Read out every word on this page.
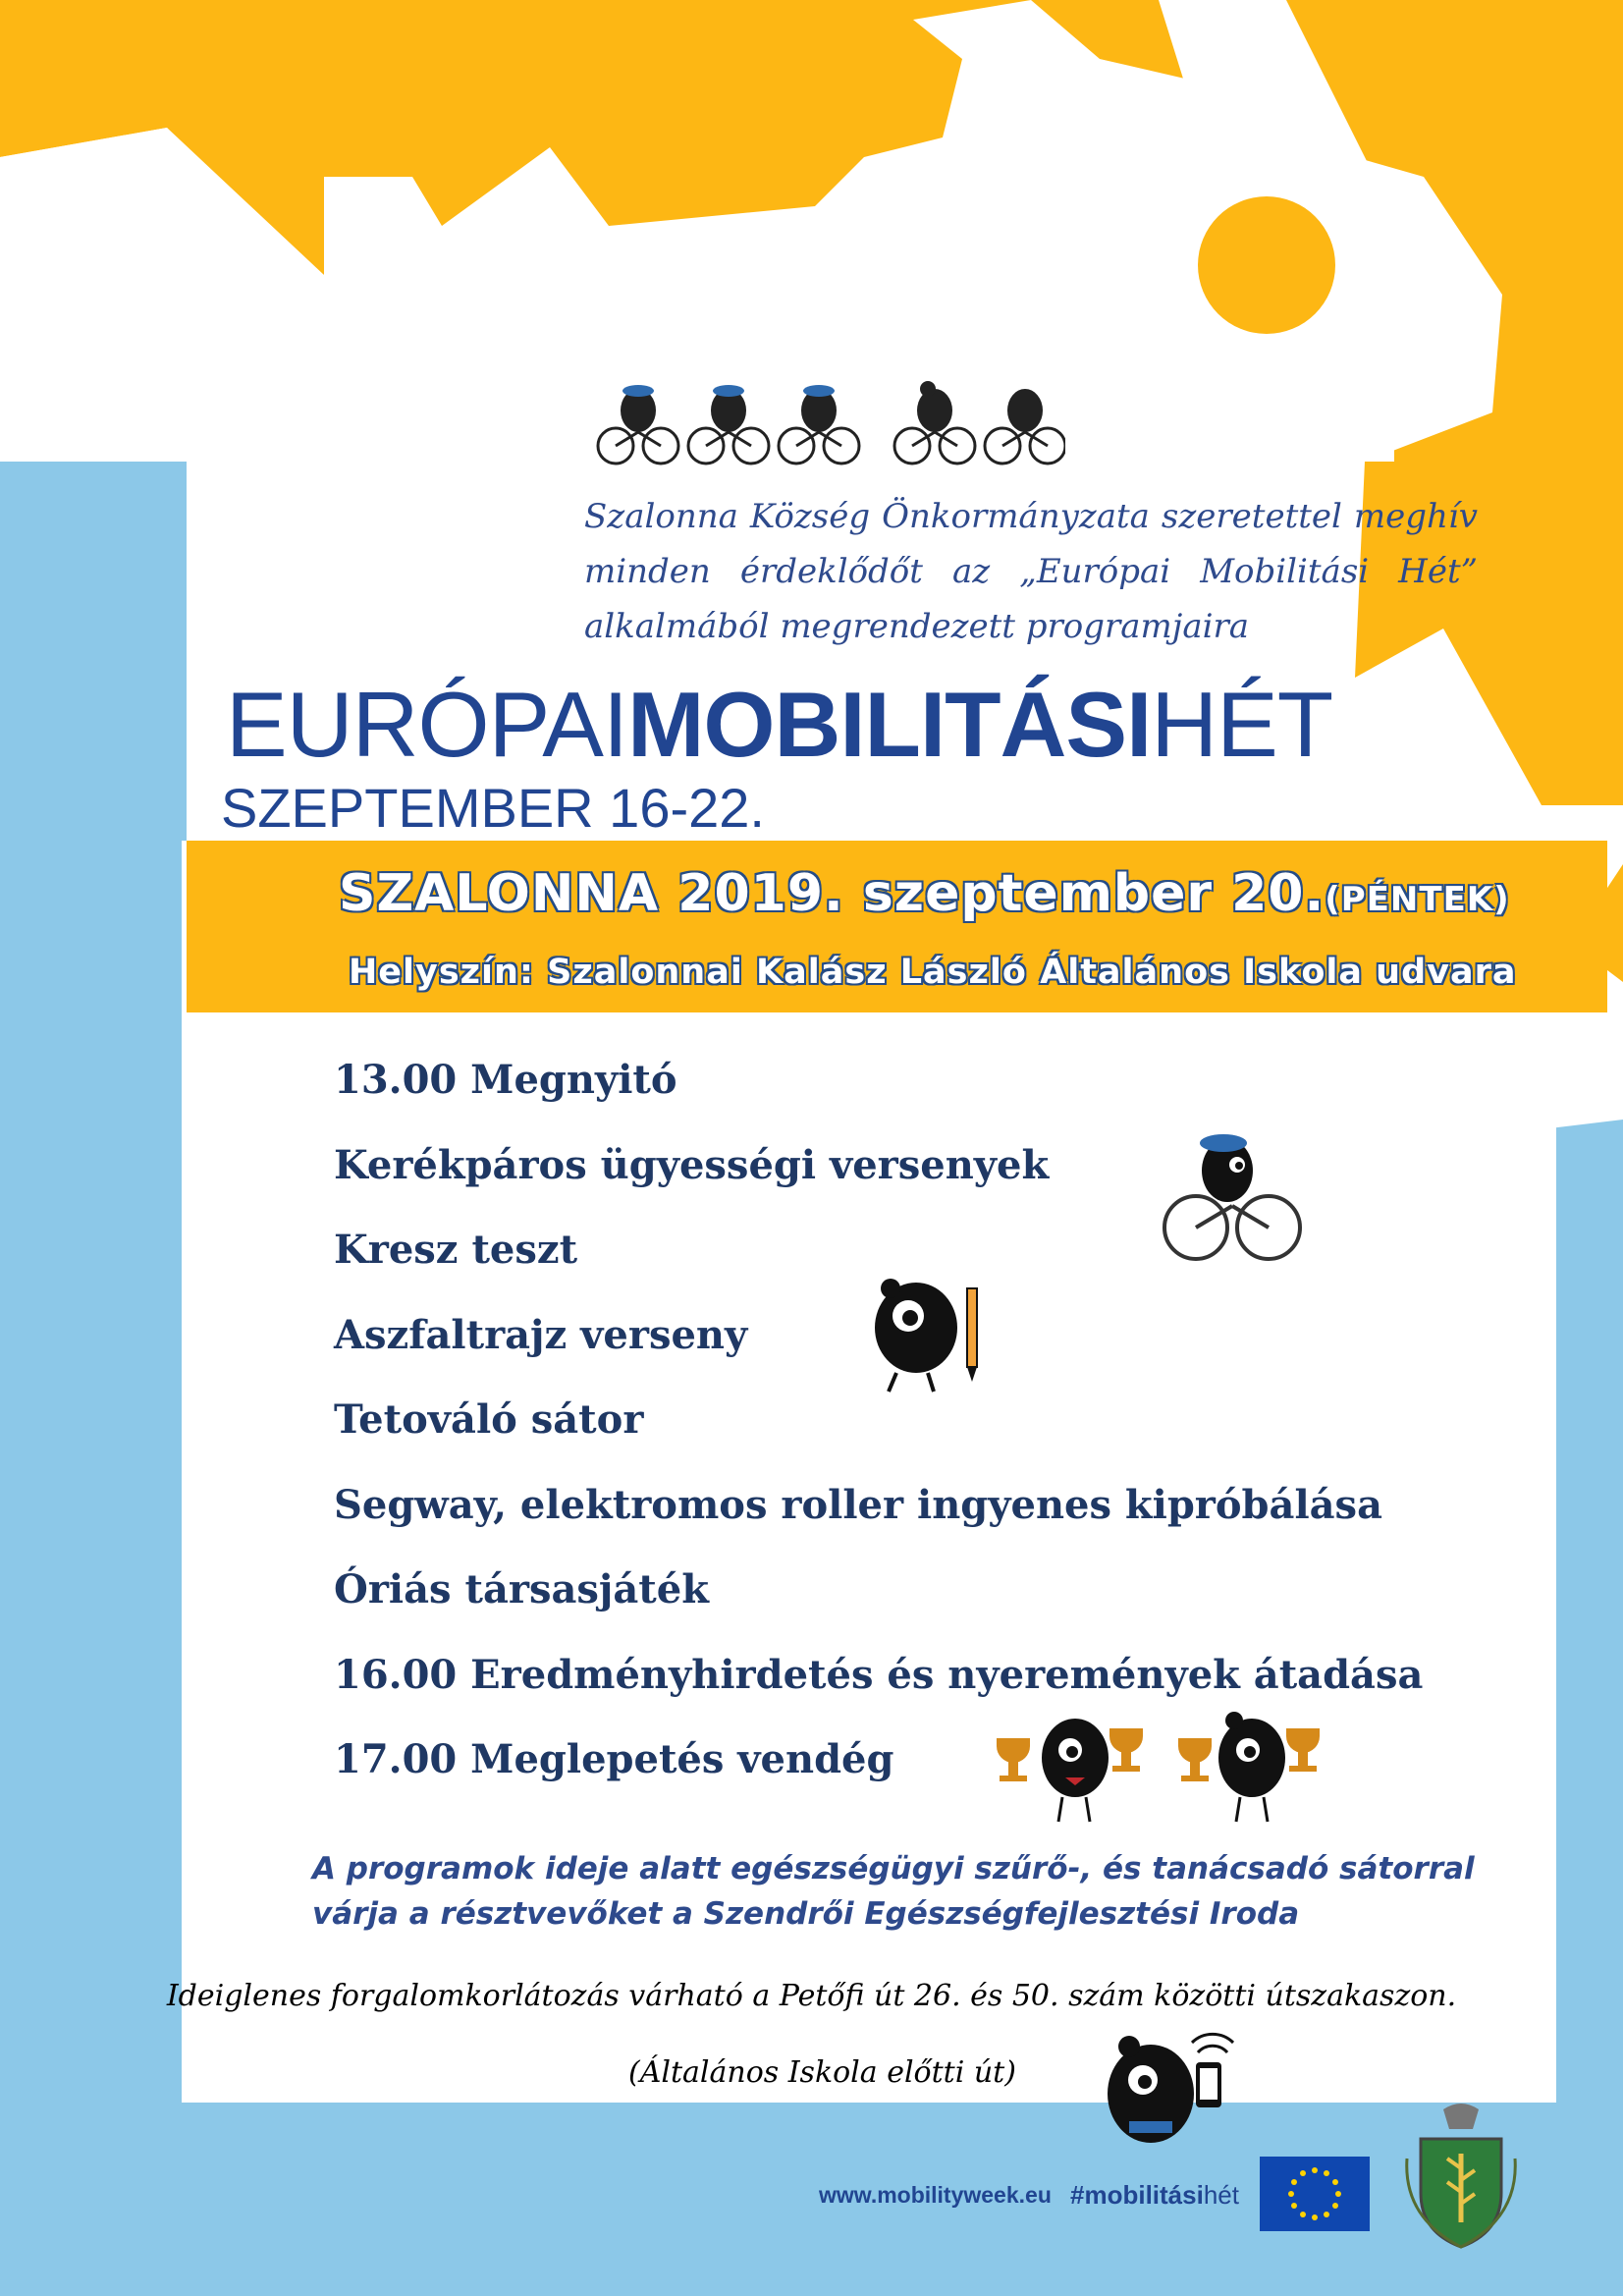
Szalonna Község Önkormányzata szeretettel meghív
minden érdeklődőt az „Európai Mobilitási Hét”
alkalmából megrendezett programjaira
EURÓPAIMOBILITÁSIHÉT
SZEPTEMBER 16-22.
SZALONNA 2019. szeptember 20.(PÉNTEK)
Helyszín: Szalonnai Kalász László Általános Iskola udvara
13.00 Megnyitó
Kerékpáros ügyességi versenyek
Kresz teszt
Aszfaltrajz verseny
Tetováló sátor
Segway, elektromos roller ingyenes kipróbálása
Óriás társasjáték
16.00 Eredményhirdetés és nyeremények átadása
17.00 Meglepetés vendég
A programok ideje alatt egészségügyi szűrő-, és tanácsadó sátorral
várja a résztvevőket a Szendrői Egészségfejlesztési Iroda
Ideiglenes forgalomkorlátozás várható a Petőfi út 26. és 50. szám közötti útszakaszon.
(Általános Iskola előtti út)
www.mobilityweek.eu #mobilitásihét
